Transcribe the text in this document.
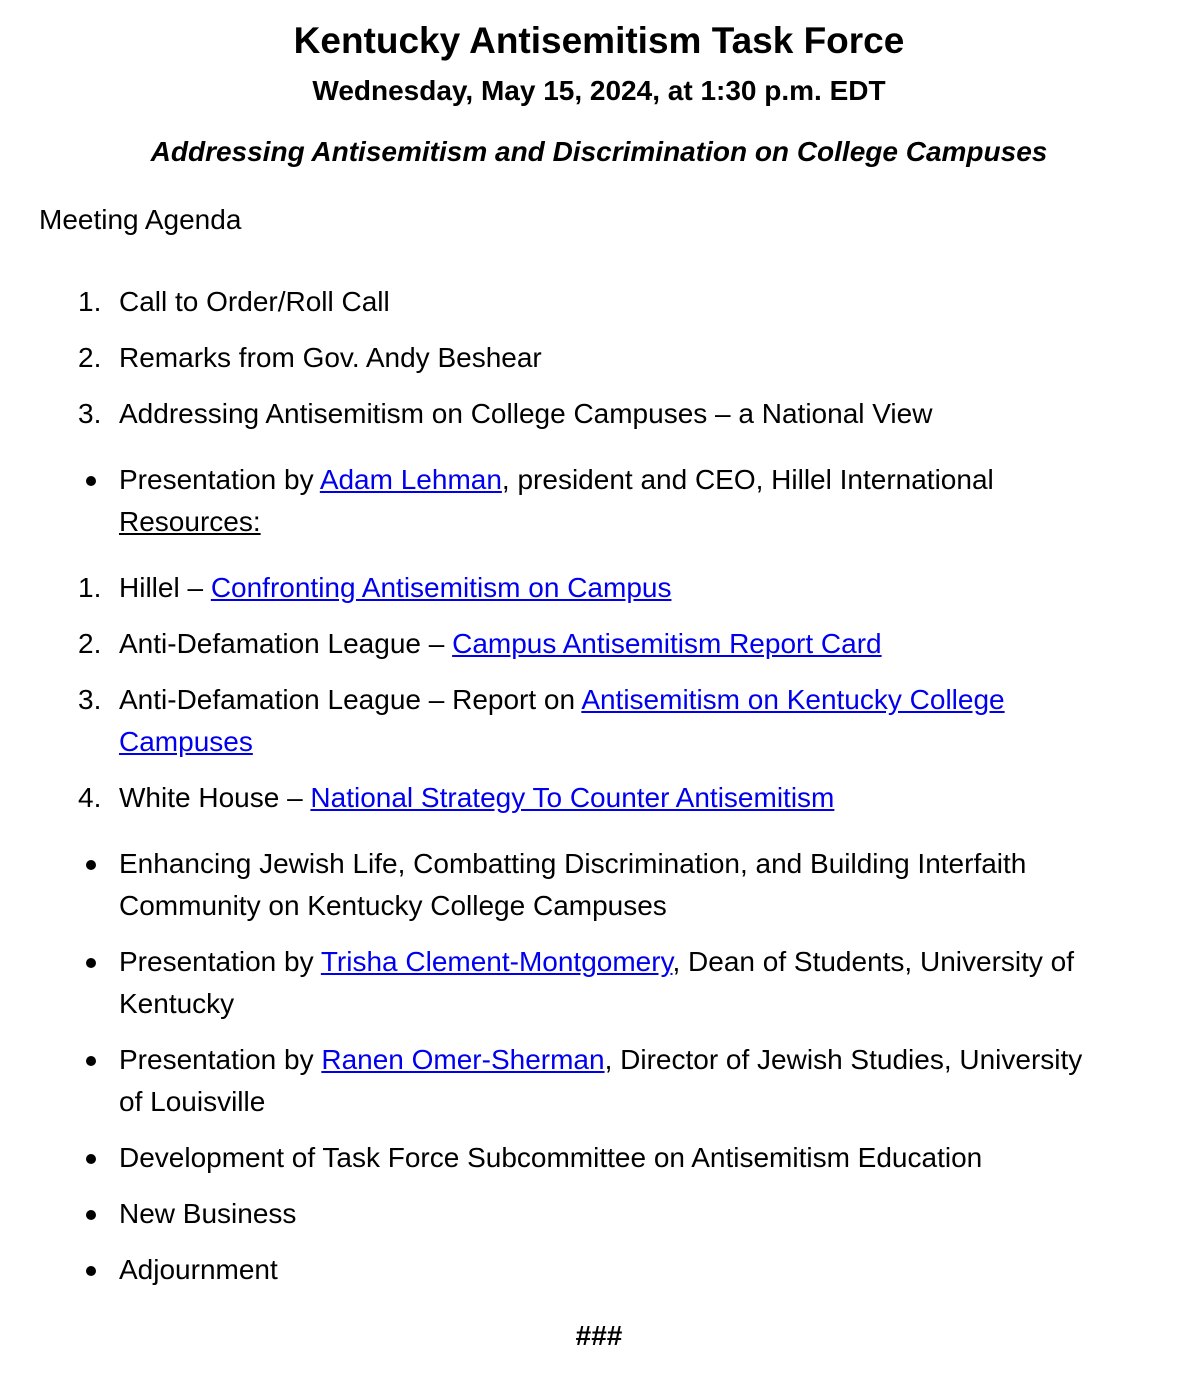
Kentucky Antisemitism Task Force
Wednesday, May 15, 2024, at 1:30 p.m. EDT
Addressing Antisemitism and Discrimination on College Campuses

Meeting Agenda

1. Call to Order/Roll Call
2. Remarks from Gov. Andy Beshear
3. Addressing Antisemitism on College Campuses – a National View
Presentation by Adam Lehman, president and CEO, Hillel International
Resources:
1. Hillel – Confronting Antisemitism on Campus
2. Anti-Defamation League – Campus Antisemitism Report Card
3. Anti-Defamation League – Report on Antisemitism on Kentucky College
Campuses
4. White House – National Strategy To Counter Antisemitism
Enhancing Jewish Life, Combatting Discrimination, and Building Interfaith
Community on Kentucky College Campuses
Presentation by Trisha Clement-Montgomery, Dean of Students, University of
Kentucky
Presentation by Ranen Omer-Sherman, Director of Jewish Studies, University
of Louisville
Development of Task Force Subcommittee on Antisemitism Education
New Business
Adjournment

###
